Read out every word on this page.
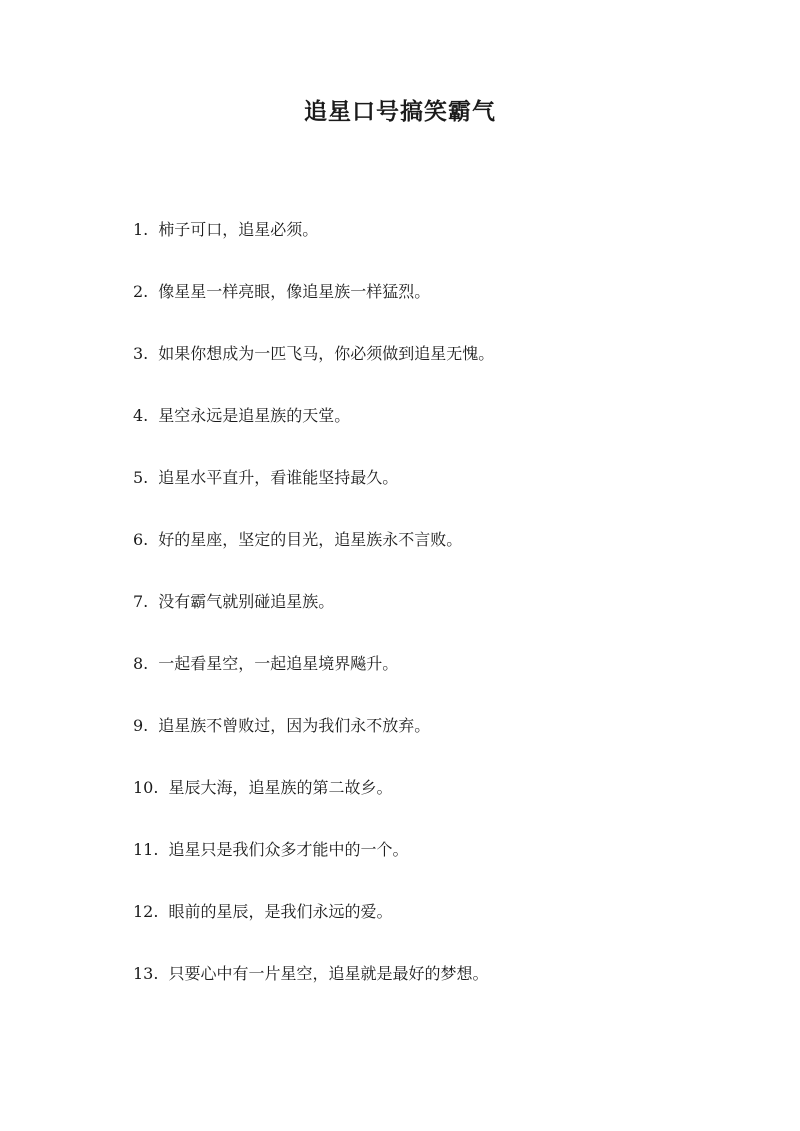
追星口号搞笑霸气
1. 柿子可口，追星必须。
2. 像星星一样亮眼，像追星族一样猛烈。
3. 如果你想成为一匹飞马，你必须做到追星无愧。
4. 星空永远是追星族的天堂。
5. 追星水平直升，看谁能坚持最久。
6. 好的星座，坚定的目光，追星族永不言败。
7. 没有霸气就别碰追星族。
8. 一起看星空，一起追星境界飚升。
9. 追星族不曾败过，因为我们永不放弃。
10. 星辰大海，追星族的第二故乡。
11. 追星只是我们众多才能中的一个。
12. 眼前的星辰，是我们永远的爱。
13. 只要心中有一片星空，追星就是最好的梦想。
